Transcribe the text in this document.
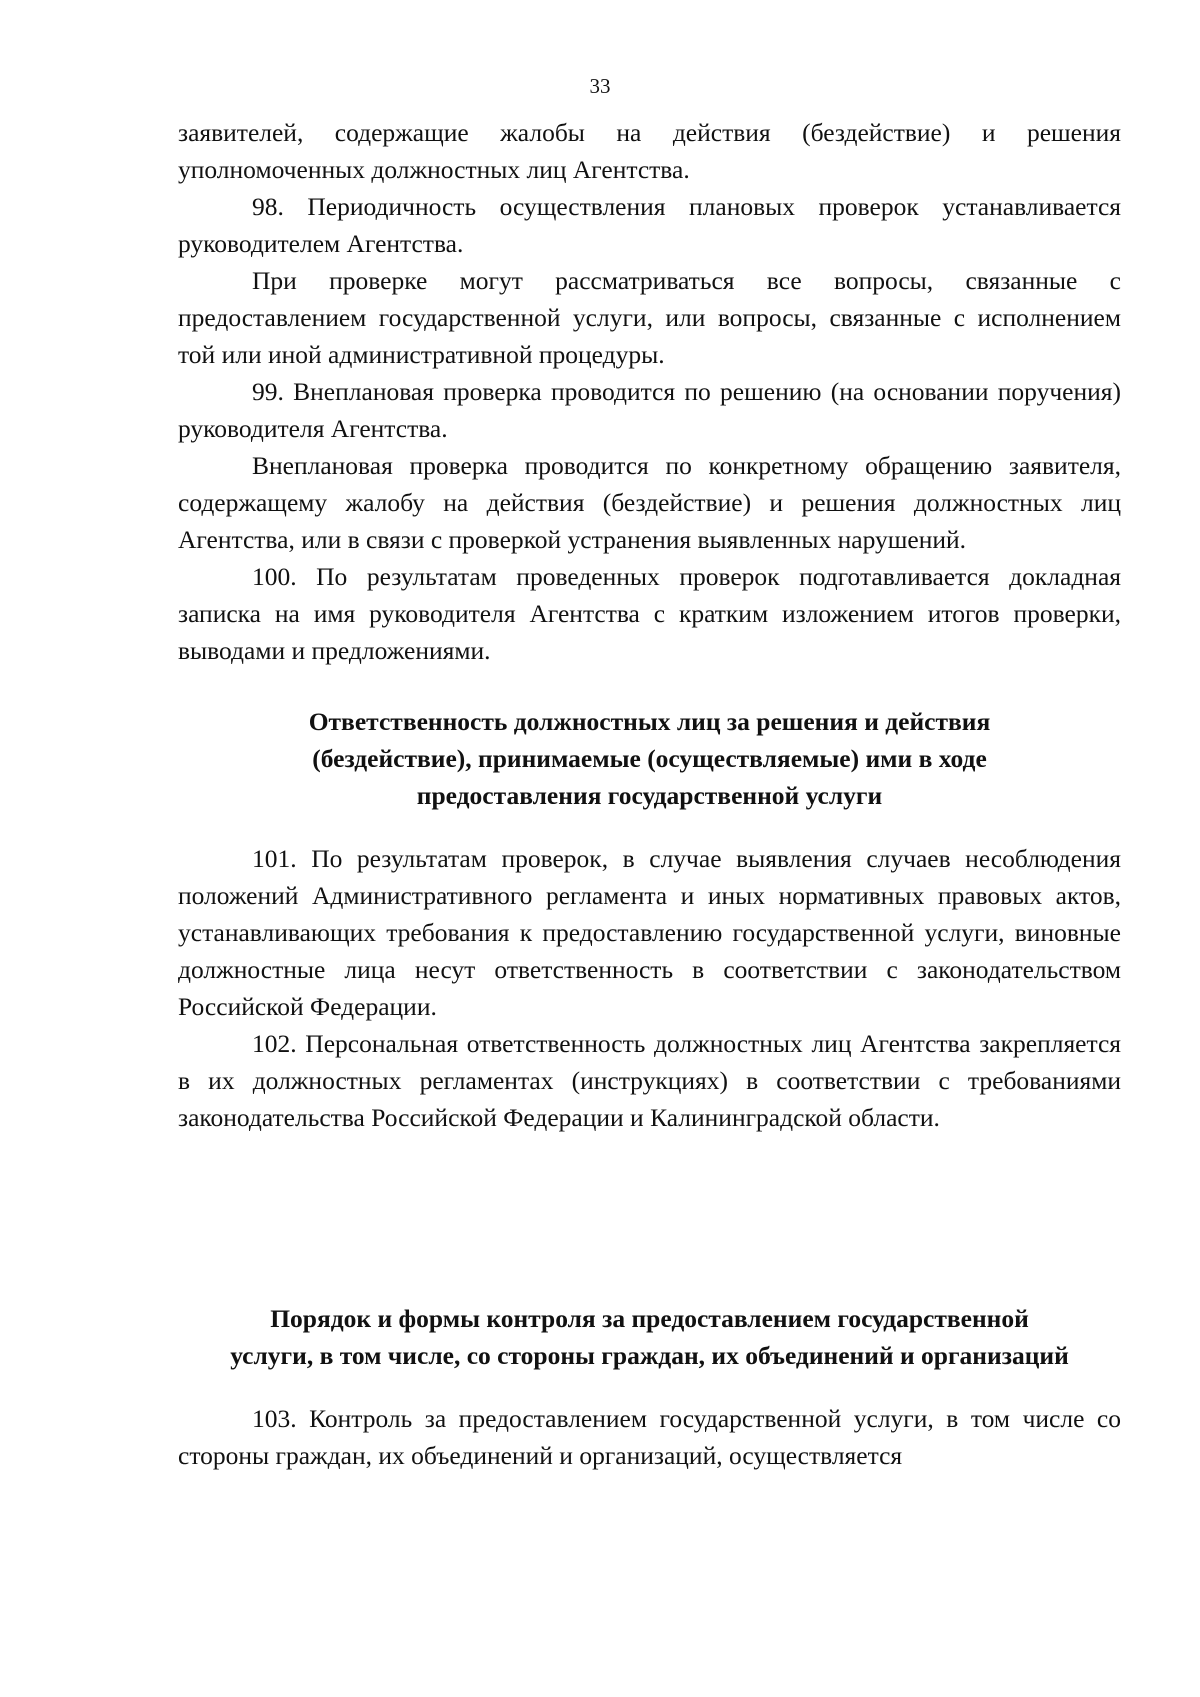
33

заявителей, содержащие жалобы на действия (бездействие) и решения уполномоченных должностных лиц Агентства.

98. Периодичность осуществления плановых проверок устанавливается руководителем Агентства.

При проверке могут рассматриваться все вопросы, связанные с предоставлением государственной услуги, или вопросы, связанные с исполнением той или иной административной процедуры.

99. Внеплановая проверка проводится по решению (на основании поручения) руководителя Агентства.

Внеплановая проверка проводится по конкретному обращению заявителя, содержащему жалобу на действия (бездействие) и решения должностных лиц Агентства, или в связи с проверкой устранения выявленных нарушений.

100. По результатам проведенных проверок подготавливается докладная записка на имя руководителя Агентства с кратким изложением итогов проверки, выводами и предложениями.

Ответственность должностных лиц за решения и действия
(бездействие), принимаемые (осуществляемые) ими в ходе
предоставления государственной услуги

101. По результатам проверок, в случае выявления случаев несоблюдения положений Административного регламента и иных нормативных правовых актов, устанавливающих требования к предоставлению государственной услуги, виновные должностные лица несут ответственность в соответствии с законодательством Российской Федерации.

102. Персональная ответственность должностных лиц Агентства закрепляется в их должностных регламентах (инструкциях) в соответствии с требованиями законодательства Российской Федерации и Калининградской области.

Порядок и формы контроля за предоставлением государственной
услуги, в том числе, со стороны граждан, их объединений и организаций

103. Контроль за предоставлением государственной услуги, в том числе со стороны граждан, их объединений и организаций, осуществляется
